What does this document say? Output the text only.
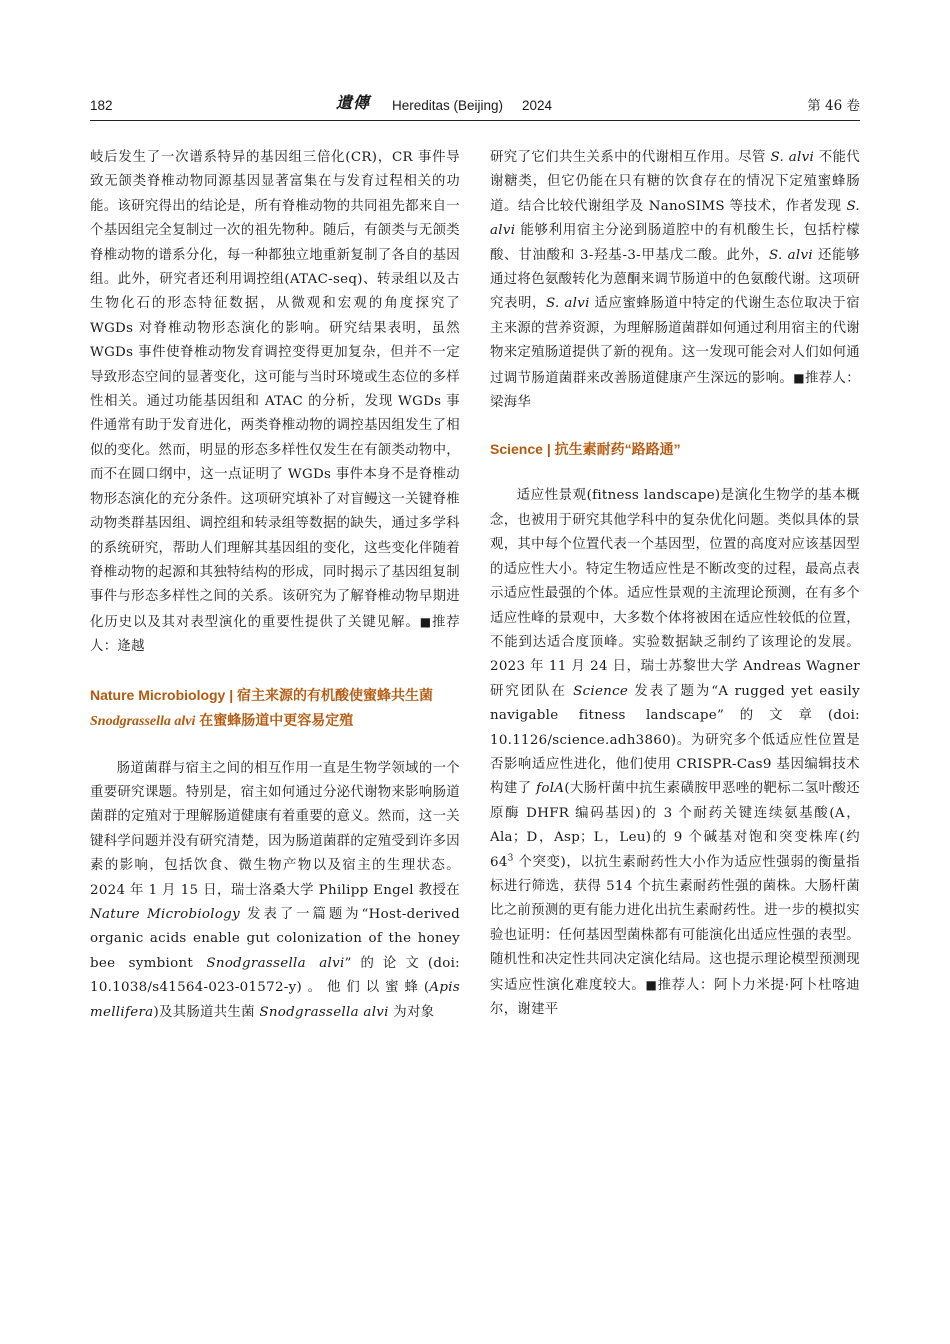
182	遺傳 Hereditas (Beijing) 2024	第 46 卷

岐后发生了一次谱系特异的基因组三倍化(CR)，CR 事件导致无颌类脊椎动物同源基因显著富集在与发育过程相关的功能。该研究得出的结论是，所有脊椎动物的共同祖先都来自一个基因组完全复制过一次的祖先物种。随后，有颌类与无颌类脊椎动物的谱系分化，每一种都独立地重新复制了各自的基因组。此外，研究者还利用调控组(ATAC-seq)、转录组以及古生物化石的形态特征数据，从微观和宏观的角度探究了 WGDs 对脊椎动物形态演化的影响。研究结果表明，虽然 WGDs 事件使脊椎动物发育调控变得更加复杂，但并不一定导致形态空间的显著变化，这可能与当时环境或生态位的多样性相关。通过功能基因组和 ATAC 的分析，发现 WGDs 事件通常有助于发育进化，两类脊椎动物的调控基因组发生了相似的变化。然而，明显的形态多样性仅发生在有颌类动物中，而不在圆口纲中，这一点证明了 WGDs 事件本身不是脊椎动物形态演化的充分条件。这项研究填补了对盲鳗这一关键脊椎动物类群基因组、调控组和转录组等数据的缺失，通过多学科的系统研究，帮助人们理解其基因组的变化，这些变化伴随着脊椎动物的起源和其独特结构的形成，同时揭示了基因组复制事件与形态多样性之间的关系。该研究为了解脊椎动物早期进化历史以及其对表型演化的重要性提供了关键见解。■推荐人：逄越

Nature Microbiology | 宿主来源的有机酸使蜜蜂共生菌 Snodgrassella alvi 在蜜蜂肠道中更容易定殖

肠道菌群与宿主之间的相互作用一直是生物学领域的一个重要研究课题。特别是，宿主如何通过分泌代谢物来影响肠道菌群的定殖对于理解肠道健康有着重要的意义。然而，这一关键科学问题并没有研究清楚，因为肠道菌群的定殖受到许多因素的影响，包括饮食、微生物产物以及宿主的生理状态。2024 年 1 月 15 日，瑞士洛桑大学 Philipp Engel 教授在 Nature Microbiology 发表了一篇题为“Host-derived organic acids enable gut colonization of the honey bee symbiont Snodgrassella alvi”的论文(doi: 10.1038/s41564-023-01572-y)。他们以蜜蜂(Apis mellifera)及其肠道共生菌 Snodgrassella alvi 为对象

研究了它们共生关系中的代谢相互作用。尽管 S. alvi 不能代谢糖类，但它仍能在只有糖的饮食存在的情况下定殖蜜蜂肠道。结合比较代谢组学及 NanoSIMS 等技术，作者发现 S. alvi 能够利用宿主分泌到肠道腔中的有机酸生长，包括柠檬酸、甘油酸和 3-羟基-3-甲基戊二酸。此外，S. alvi 还能够通过将色氨酸转化为蒽酮来调节肠道中的色氨酸代谢。这项研究表明，S. alvi 适应蜜蜂肠道中特定的代谢生态位取决于宿主来源的营养资源，为理解肠道菌群如何通过利用宿主的代谢物来定殖肠道提供了新的视角。这一发现可能会对人们如何通过调节肠道菌群来改善肠道健康产生深远的影响。■推荐人：梁海华

Science | 抗生素耐药“路路通”

适应性景观(fitness landscape)是演化生物学的基本概念，也被用于研究其他学科中的复杂优化问题。类似具体的景观，其中每个位置代表一个基因型，位置的高度对应该基因型的适应性大小。特定生物适应性是不断改变的过程，最高点表示适应性最强的个体。适应性景观的主流理论预测，在有多个适应性峰的景观中，大多数个体将被困在适应性较低的位置，不能到达适合度顶峰。实验数据缺乏制约了该理论的发展。2023 年 11 月 24 日，瑞士苏黎世大学 Andreas Wagner 研究团队在 Science 发表了题为“A rugged yet easily navigable fitness landscape”的文章(doi: 10.1126/science.adh3860)。为研究多个低适应性位置是否影响适应性进化，他们使用 CRISPR-Cas9 基因编辑技术构建了 folA(大肠杆菌中抗生素磺胺甲恶唑的靶标二氢叶酸还原酶 DHFR 编码基因)的 3 个耐药关键连续氨基酸(A，Ala；D，Asp；L，Leu)的 9 个碱基对饱和突变株库(约 $64^3$ 个突变)，以抗生素耐药性大小作为适应性强弱的衡量指标进行筛选，获得 514 个抗生素耐药性强的菌株。大肠杆菌比之前预测的更有能力进化出抗生素耐药性。进一步的模拟实验也证明：任何基因型菌株都有可能演化出适应性强的表型。随机性和决定性共同决定演化结局。这也提示理论模型预测现实适应性演化难度较大。■推荐人：阿卜力米提·阿卜杜喀迪尔，谢建平
